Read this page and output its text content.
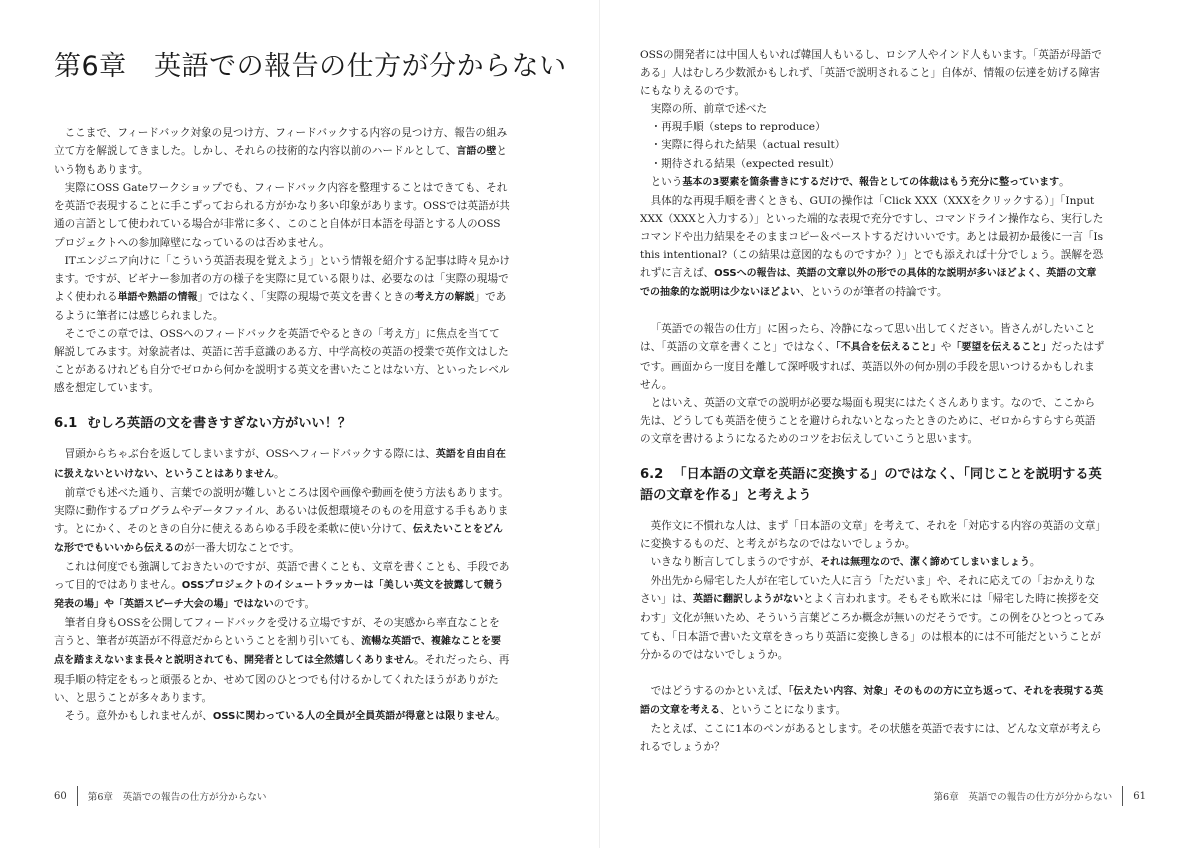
第6章　英語での報告の仕方が分からない

ここまで、フィードバック対象の見つけ方、フィードバックする内容の見つけ方、報告の組み立て方を解説してきました。しかし、それらの技術的な内容以前のハードルとして、言語の壁という物もあります。

実際にOSS Gateワークショップでも、フィードバック内容を整理することはできても、それを英語で表現することに手こずっておられる方がかなり多い印象があります。OSSでは英語が共通の言語として使われている場合が非常に多く、このこと自体が日本語を母語とする人のOSSプロジェクトへの参加障壁になっているのは否めません。

ITエンジニア向けに「こういう英語表現を覚えよう」という情報を紹介する記事は時々見かけます。ですが、ビギナー参加者の方の様子を実際に見ている限りは、必要なのは「実際の現場でよく使われる単語や熟語の情報」ではなく、「実際の現場で英文を書くときの考え方の解説」であるように筆者には感じられました。

そこでこの章では、OSSへのフィードバックを英語でやるときの「考え方」に焦点を当てて解説してみます。対象読者は、英語に苦手意識のある方、中学高校の英語の授業で英作文はしたことがあるけれども自分でゼロから何かを説明する英文を書いたことはない方、といったレベル感を想定しています。

6.1 むしろ英語の文を書きすぎない方がいい！？

冒頭からちゃぶ台を返してしまいますが、OSSへフィードバックする際には、英語を自由自在に扱えないといけない、ということはありません。

前章でも述べた通り、言葉での説明が難しいところは図や画像や動画を使う方法もあります。実際に動作するプログラムやデータファイル、あるいは仮想環境そのものを用意する手もあります。とにかく、そのときの自分に使えるあらゆる手段を柔軟に使い分けて、伝えたいことをどんな形ででもいいから伝えるのが一番大切なことです。

これは何度でも強調しておきたいのですが、英語で書くことも、文章を書くことも、手段であって目的ではありません。OSSプロジェクトのイシュートラッカーは「美しい英文を披露して競う発表の場」や「英語スピーチ大会の場」ではないのです。

筆者自身もOSSを公開してフィードバックを受ける立場ですが、その実感から率直なことを言うと、筆者が英語が不得意だからということを割り引いても、流暢な英語で、複雑なことを要点を踏まえないまま長々と説明されても、開発者としては全然嬉しくありません。それだったら、再現手順の特定をもっと頑張るとか、せめて図のひとつでも付けるかしてくれたほうがありがたい、と思うことが多々あります。

そう。意外かもしれませんが、OSSに関わっている人の全員が全員英語が得意とは限りません。

60 第6章　英語での報告の仕方が分からない

OSSの開発者には中国人もいれば韓国人もいるし、ロシア人やインド人もいます。「英語が母語である」人はむしろ少数派かもしれず、「英語で説明されること」自体が、情報の伝達を妨げる障害にもなりえるのです。

実際の所、前章で述べた

・再現手順（steps to reproduce）
・実際に得られた結果（actual result）
・期待される結果（expected result）

という基本の3要素を箇条書きにするだけで、報告としての体裁はもう充分に整っています。

具体的な再現手順を書くときも、GUIの操作は「Click XXX（XXXをクリックする）」「Input XXX（XXXと入力する）」といった端的な表現で充分ですし、コマンドライン操作なら、実行したコマンドや出力結果をそのままコピー＆ペーストするだけいいです。あとは最初か最後に一言「Is this intentional?（この結果は意図的なものですか？）」とでも添えれば十分でしょう。誤解を恐れずに言えば、OSSへの報告は、英語の文章以外の形での具体的な説明が多いほどよく、英語の文章での抽象的な説明は少ないほどよい、というのが筆者の持論です。

「英語での報告の仕方」に困ったら、冷静になって思い出してください。皆さんがしたいことは、「英語の文章を書くこと」ではなく、「不具合を伝えること」や「要望を伝えること」だったはずです。画面から一度目を離して深呼吸すれば、英語以外の何か別の手段を思いつけるかもしれません。

とはいえ、英語の文章での説明が必要な場面も現実にはたくさんあります。なので、ここから先は、どうしても英語を使うことを避けられないとなったときのために、ゼロからすらすら英語の文章を書けるようになるためのコツをお伝えしていこうと思います。

6.2 「日本語の文章を英語に変換する」のではなく、「同じことを説明する英語の文章を作る」と考えよう

英作文に不慣れな人は、まず「日本語の文章」を考えて、それを「対応する内容の英語の文章」に変換するものだ、と考えがちなのではないでしょうか。

いきなり断言してしまうのですが、それは無理なので、潔く諦めてしまいましょう。

外出先から帰宅した人が在宅していた人に言う「ただいま」や、それに応えての「おかえりなさい」は、英語に翻訳しようがないとよく言われます。そもそも欧米には「帰宅した時に挨拶を交わす」文化が無いため、そういう言葉どころか概念が無いのだそうです。この例をひとつとってみても、「日本語で書いた文章をきっちり英語に変換しきる」のは根本的には不可能だということが分かるのではないでしょうか。

ではどうするのかといえば、「伝えたい内容、対象」そのものの方に立ち返って、それを表現する英語の文章を考える、ということになります。

たとえば、ここに1本のペンがあるとします。その状態を英語で表すには、どんな文章が考えられるでしょうか？

第6章　英語での報告の仕方が分からない 61
